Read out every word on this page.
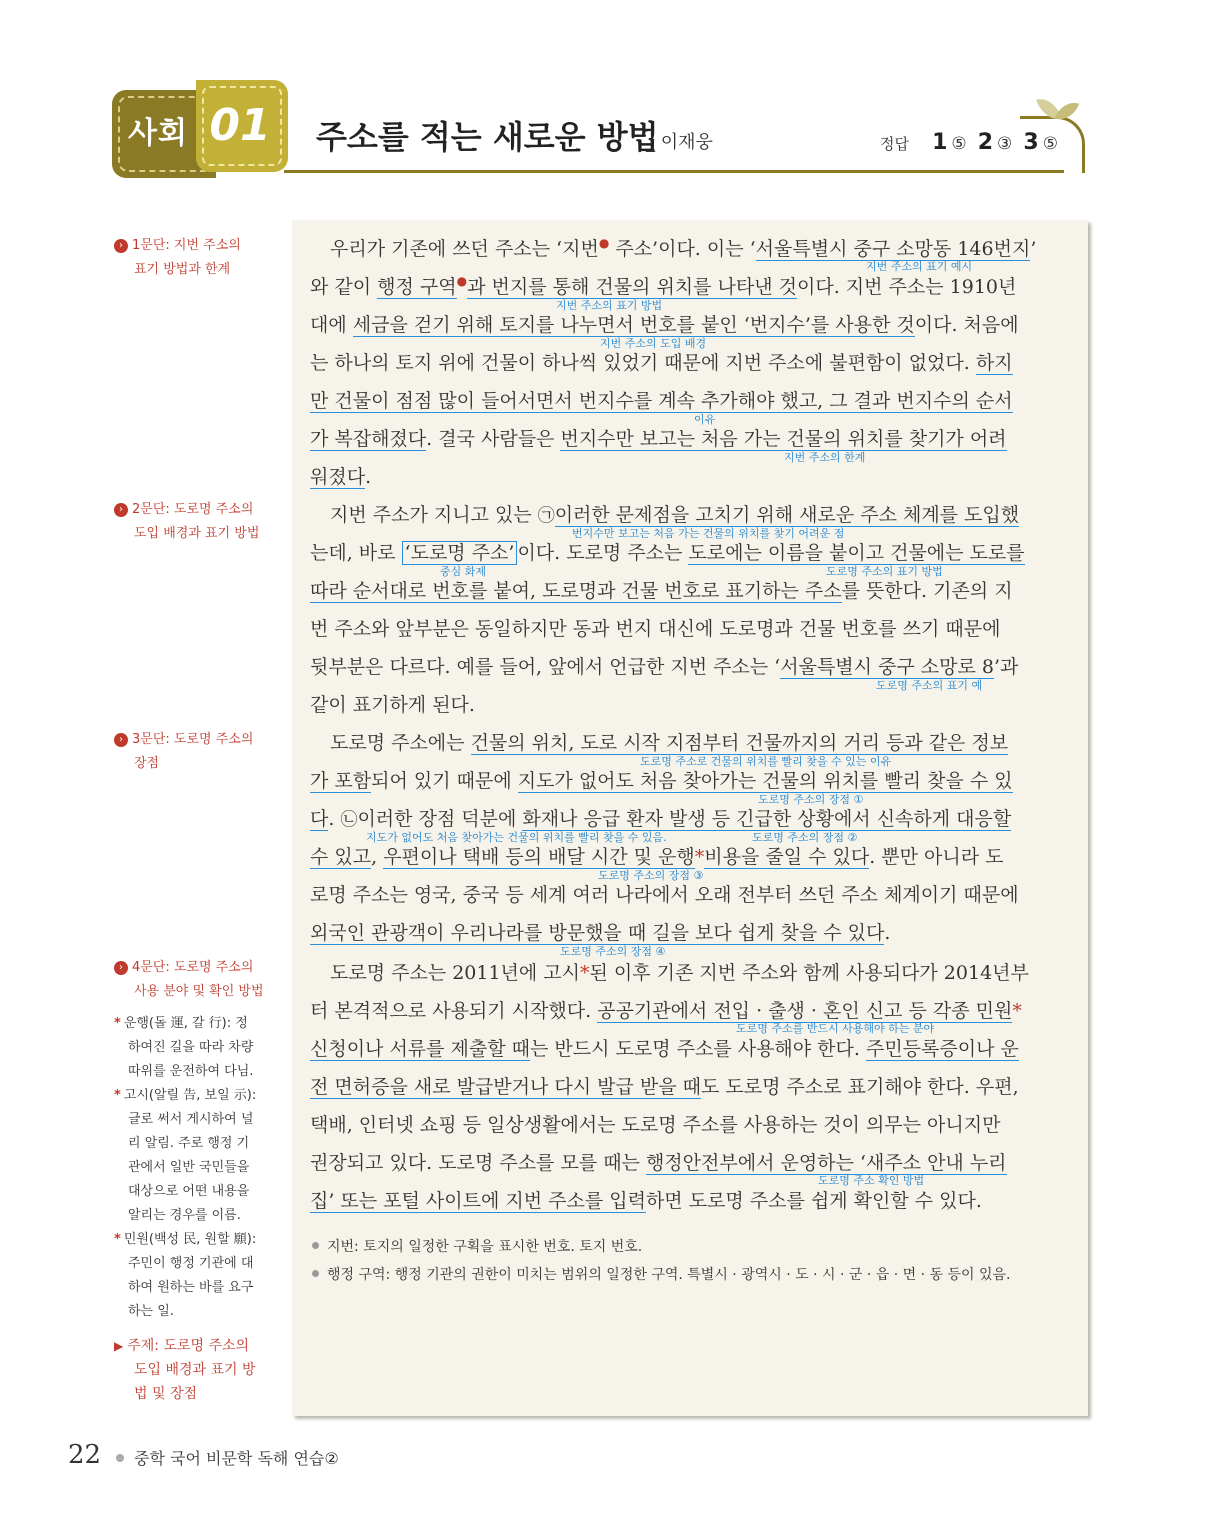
사회 01	주소를 적는 새로운 방법
_ 이재웅	정답 1 ⑤ 2 ③ 3 ⑤
› 1문단: 지번 주소의
표기 방법과 한계
› 2문단: 도로명 주소의
도입 배경과 표기 방법
› 3문단: 도로명 주소의
장점
› 4문단: 도로명 주소의
사용 분야 및 확인 방법
* 운행(돌 運, 갈 行): 정
하여진 길을 따라 차량
따위를 운전하여 다님.
* 고시(알릴 告, 보일 示):
글로 써서 게시하여 널
리 알림. 주로 행정 기
관에서 일반 국민들을
대상으로 어떤 내용을
알리는 경우를 이름.
* 민원(백성 民, 원할 願):
주민이 행정 기관에 대
하여 원하는 바를 요구
하는 일.
▶ 주제: 도로명 주소의
도입 배경과 표기 방
법 및 장점
우리가 기존에 쓰던 주소는 ‘지번● 주소’이다. 이는 ‘서울특별시 중구 소망동 146번지’
지번 주소의 표기 예시
와 같이 행정 구역●과 번지를 통해 건물의 위치를 나타낸 것이다. 지번 주소는 1910년
지번 주소의 표기 방법
대에 세금을 걷기 위해 토지를 나누면서 번호를 붙인 ‘번지수’를 사용한 것이다. 처음에
지번 주소의 도입 배경
는 하나의 토지 위에 건물이 하나씩 있었기 때문에 지번 주소에 불편함이 없었다. 하지
만 건물이 점점 많이 들어서면서 번지수를 계속 추가해야 했고, 그 결과 번지수의 순서
이유
가 복잡해졌다. 결국 사람들은 번지수만 보고는 처음 가는 건물의 위치를 찾기가 어려
지번 주소의 한계
워졌다.
지번 주소가 지니고 있는 ㉠이러한 문제점을 고치기 위해 새로운 주소 체계를 도입했
번지수만 보고는 처음 가는 건물의 위치를 찾기 어려운 점
는데, 바로 ‘도로명 주소’ 이다. 도로명 주소는 도로에는 이름을 붙이고 건물에는 도로를
중심 화제	도로명 주소의 표기 방법
따라 순서대로 번호를 붙여, 도로명과 건물 번호로 표기하는 주소를 뜻한다. 기존의 지
번 주소와 앞부분은 동일하지만 동과 번지 대신에 도로명과 건물 번호를 쓰기 때문에
뒷부분은 다르다. 예를 들어, 앞에서 언급한 지번 주소는 ‘서울특별시 중구 소망로 8’과
도로명 주소의 표기 예
같이 표기하게 된다.
도로명 주소에는 건물의 위치, 도로 시작 지점부터 건물까지의 거리 등과 같은 정보
도로명 주소로 건물의 위치를 빨리 찾을 수 있는 이유
가 포함되어 있기 때문에 지도가 없어도 처음 찾아가는 건물의 위치를 빨리 찾을 수 있
도로명 주소의 장점 ①
다. ㉡이러한 장점 덕분에 화재나 응급 환자 발생 등 긴급한 상황에서 신속하게 대응할
지도가 없어도 처음 찾아가는 건물의 위치를 빨리 찾을 수 있음.	도로명 주소의 장점 ②
수 있고, 우편이나 택배 등의 배달 시간 및 운행*비용을 줄일 수 있다. 뿐만 아니라 도
도로명 주소의 장점 ③
로명 주소는 영국, 중국 등 세계 여러 나라에서 오래 전부터 쓰던 주소 체계이기 때문에
외국인 관광객이 우리나라를 방문했을 때 길을 보다 쉽게 찾을 수 있다.
도로명 주소의 장점 ④
도로명 주소는 2011년에 고시*된 이후 기존 지번 주소와 함께 사용되다가 2014년부
터 본격적으로 사용되기 시작했다. 공공기관에서 전입 · 출생 · 혼인 신고 등 각종 민원*
도로명 주소를 반드시 사용해야 하는 분야
신청이나 서류를 제출할 때는 반드시 도로명 주소를 사용해야 한다. 주민등록증이나 운
전 면허증을 새로 발급받거나 다시 발급 받을 때도 도로명 주소로 표기해야 한다. 우편,
택배, 인터넷 쇼핑 등 일상생활에서는 도로명 주소를 사용하는 것이 의무는 아니지만
권장되고 있다. 도로명 주소를 모를 때는 행정안전부에서 운영하는 ‘새주소 안내 누리
도로명 주소 확인 방법
집’ 또는 포털 사이트에 지번 주소를 입력하면 도로명 주소를 쉽게 확인할 수 있다.
지번: 토지의 일정한 구획을 표시한 번호. 토지 번호.
행정 구역: 행정 기관의 권한이 미치는 범위의 일정한 구역. 특별시 · 광역시 · 도 · 시 · 군 · 읍 · 면 · 동 등이 있음.
22 중학 국어 비문학 독해 연습②
